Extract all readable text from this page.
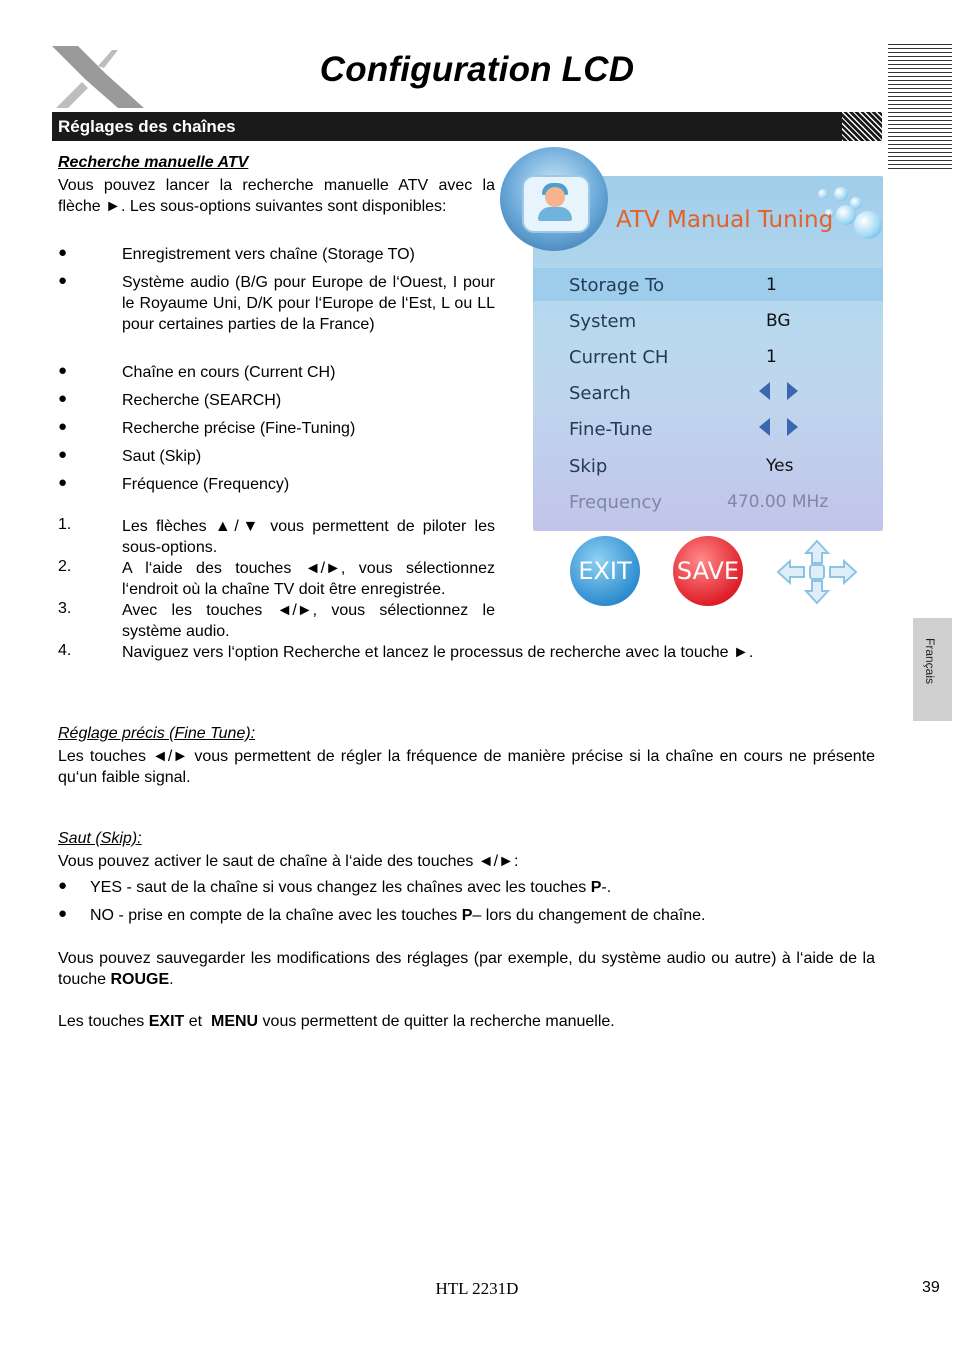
Configuration LCD
Réglages des chaînes
Recherche manuelle ATV
Vous pouvez lancer la recherche manuelle ATV avec la flèche ►. Les sous-options suivantes sont disponibles:
●	Enregistrement vers chaîne (Storage TO)
●	Système audio (B/G pour Europe de l‘Ouest, I pour le Royaume Uni, D/K pour l‘Europe de l‘Est, L ou LL pour certaines parties de la France)
●	Chaîne en cours (Current CH)
●	Recherche (SEARCH)
●	Recherche précise (Fine-Tuning)
●	Saut (Skip)
●	Fréquence (Frequency)
1.	Les flèches ▲/▼ vous permettent de piloter les sous-options.
2.	A l‘aide des touches ◄/►, vous sélectionnez l‘endroit où la chaîne TV doit être enregistrée.
3.	Avec les touches ◄/►, vous sélectionnez le système audio.
4.	Naviguez vers l‘option Recherche et lancez le processus de recherche avec la touche ►.
ATV Manual Tuning
Storage To	1
System	BG
Current CH	1
Search
Fine-Tune
Skip	Yes
Frequency	470.00 MHz
EXIT	SAVE
Réglage précis (Fine Tune):
Les touches ◄/► vous permettent de régler la fréquence de manière précise si la chaîne en cours ne présente qu‘un faible signal.
Saut (Skip):
Vous pouvez activer le saut de chaîne à l‘aide des touches ◄/►:
● YES - saut de la chaîne si vous changez les chaînes avec les touches P-.
● NO - prise en compte de la chaîne avec les touches P– lors du changement de chaîne.
Vous pouvez sauvegarder les modifications des réglages (par exemple, du système audio ou autre) à l‘aide de la touche ROUGE.
Les touches EXIT et  MENU vous permettent de quitter la recherche manuelle.
Français
HTL 2231D	39
